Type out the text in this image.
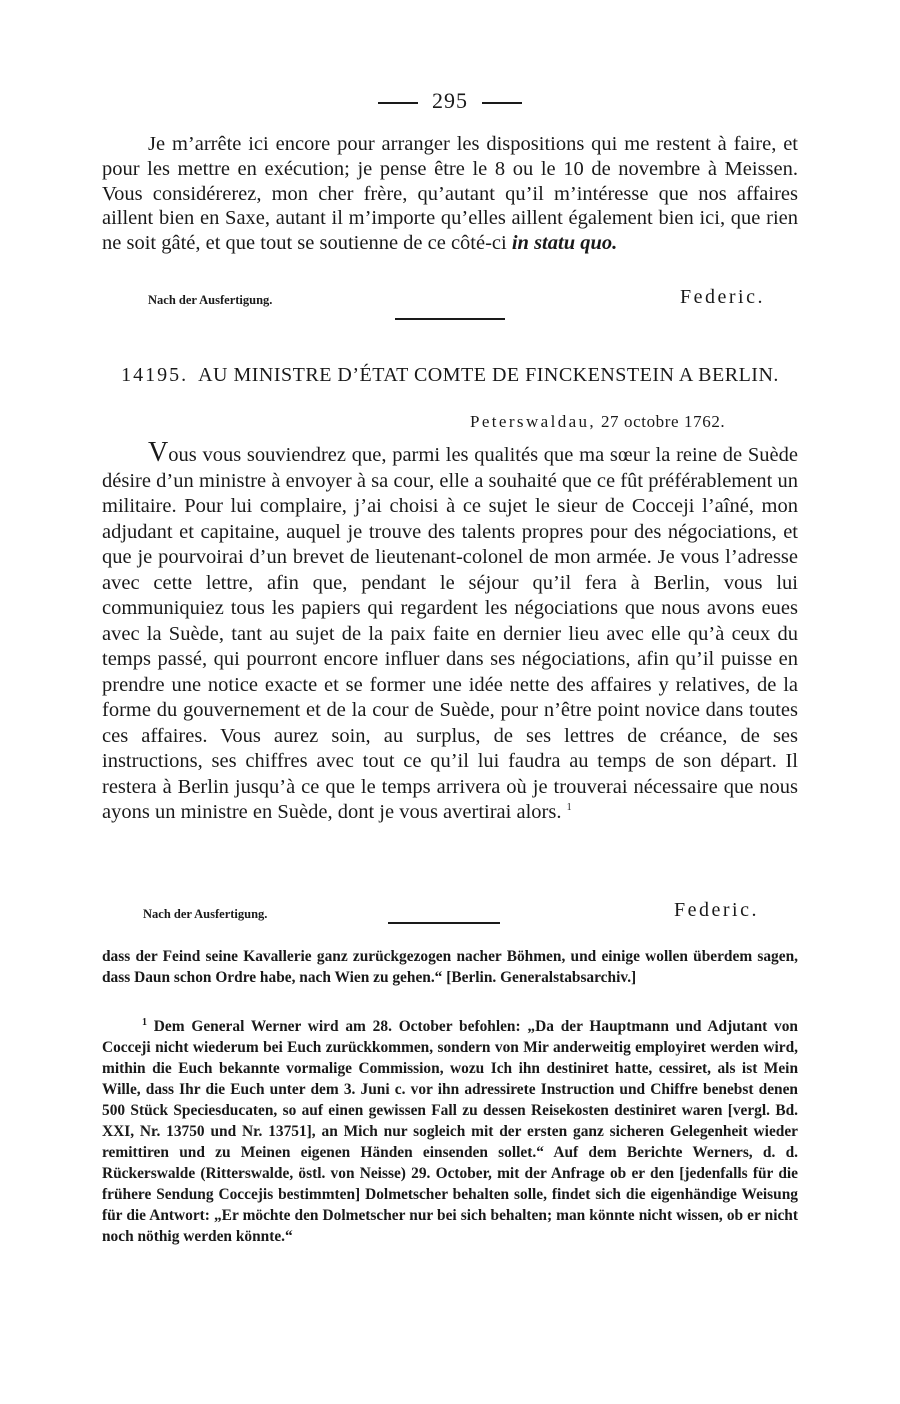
295
Je m’arrête ici encore pour arranger les dispositions qui me restent à faire, et pour les mettre en exécution; je pense être le 8 ou le 10 de novembre à Meissen. Vous considérerez, mon cher frère, qu’autant qu’il m’intéresse que nos affaires aillent bien en Saxe, autant il m’importe qu’elles aillent également bien ici, que rien ne soit gâté, et que tout se soutienne de ce côté-ci in statu quo.
Nach der Ausfertigung.	Federic.
14195. AU MINISTRE D’ÉTAT COMTE DE FINCKENSTEIN A BERLIN.
Peterswaldau, 27 octobre 1762.
Vous vous souviendrez que, parmi les qualités que ma sœur la reine de Suède désire d’un ministre à envoyer à sa cour, elle a souhaité que ce fût préférablement un militaire. Pour lui complaire, j’ai choisi à ce sujet le sieur de Cocceji l’aîné, mon adjudant et capitaine, auquel je trouve des talents propres pour des négociations, et que je pourvoirai d’un brevet de lieutenant-colonel de mon armée. Je vous l’adresse avec cette lettre, afin que, pendant le séjour qu’il fera à Berlin, vous lui communiquiez tous les papiers qui regardent les négociations que nous avons eues avec la Suède, tant au sujet de la paix faite en dernier lieu avec elle qu’à ceux du temps passé, qui pourront encore influer dans ses négociations, afin qu’il puisse en prendre une notice exacte et se former une idée nette des affaires y relatives, de la forme du gouvernement et de la cour de Suède, pour n’être point novice dans toutes ces affaires. Vous aurez soin, au surplus, de ses lettres de créance, de ses instructions, ses chiffres avec tout ce qu’il lui faudra au temps de son départ. Il restera à Berlin jusqu’à ce que le temps arrivera où je trouverai nécessaire que nous ayons un ministre en Suède, dont je vous avertirai alors. $^1$
Nach der Ausfertigung.	Federic.
dass der Feind seine Kavallerie ganz zurückgezogen nacher Böhmen, und einige wollen überdem sagen, dass Daun schon Ordre habe, nach Wien zu gehen.“ [Berlin. Generalstabsarchiv.]
$^1$ Dem General Werner wird am 28. October befohlen: „Da der Hauptmann und Adjutant von Cocceji nicht wiederum bei Euch zurückkommen, sondern von Mir anderweitig employiret werden wird, mithin die Euch bekannte vormalige Commission, wozu Ich ihn destiniret hatte, cessiret, als ist Mein Wille, dass Ihr die Euch unter dem 3. Juni c. vor ihn adressirete Instruction und Chiffre benebst denen 500 Stück Speciesducaten, so auf einen gewissen Fall zu dessen Reisekosten destiniret waren [vergl. Bd. XXI, Nr. 13750 und Nr. 13751], an Mich nur sogleich mit der ersten ganz sicheren Gelegenheit wieder remittiren und zu Meinen eigenen Händen einsenden sollet.“ Auf dem Berichte Werners, d. d. Rückerswalde (Ritterswalde, östl. von Neisse) 29. October, mit der Anfrage ob er den [jedenfalls für die frühere Sendung Coccejis bestimmten] Dolmetscher behalten solle, findet sich die eigenhändige Weisung für die Antwort: „Er möchte den Dolmetscher nur bei sich behalten; man könnte nicht wissen, ob er nicht noch nöthig werden könnte.“
